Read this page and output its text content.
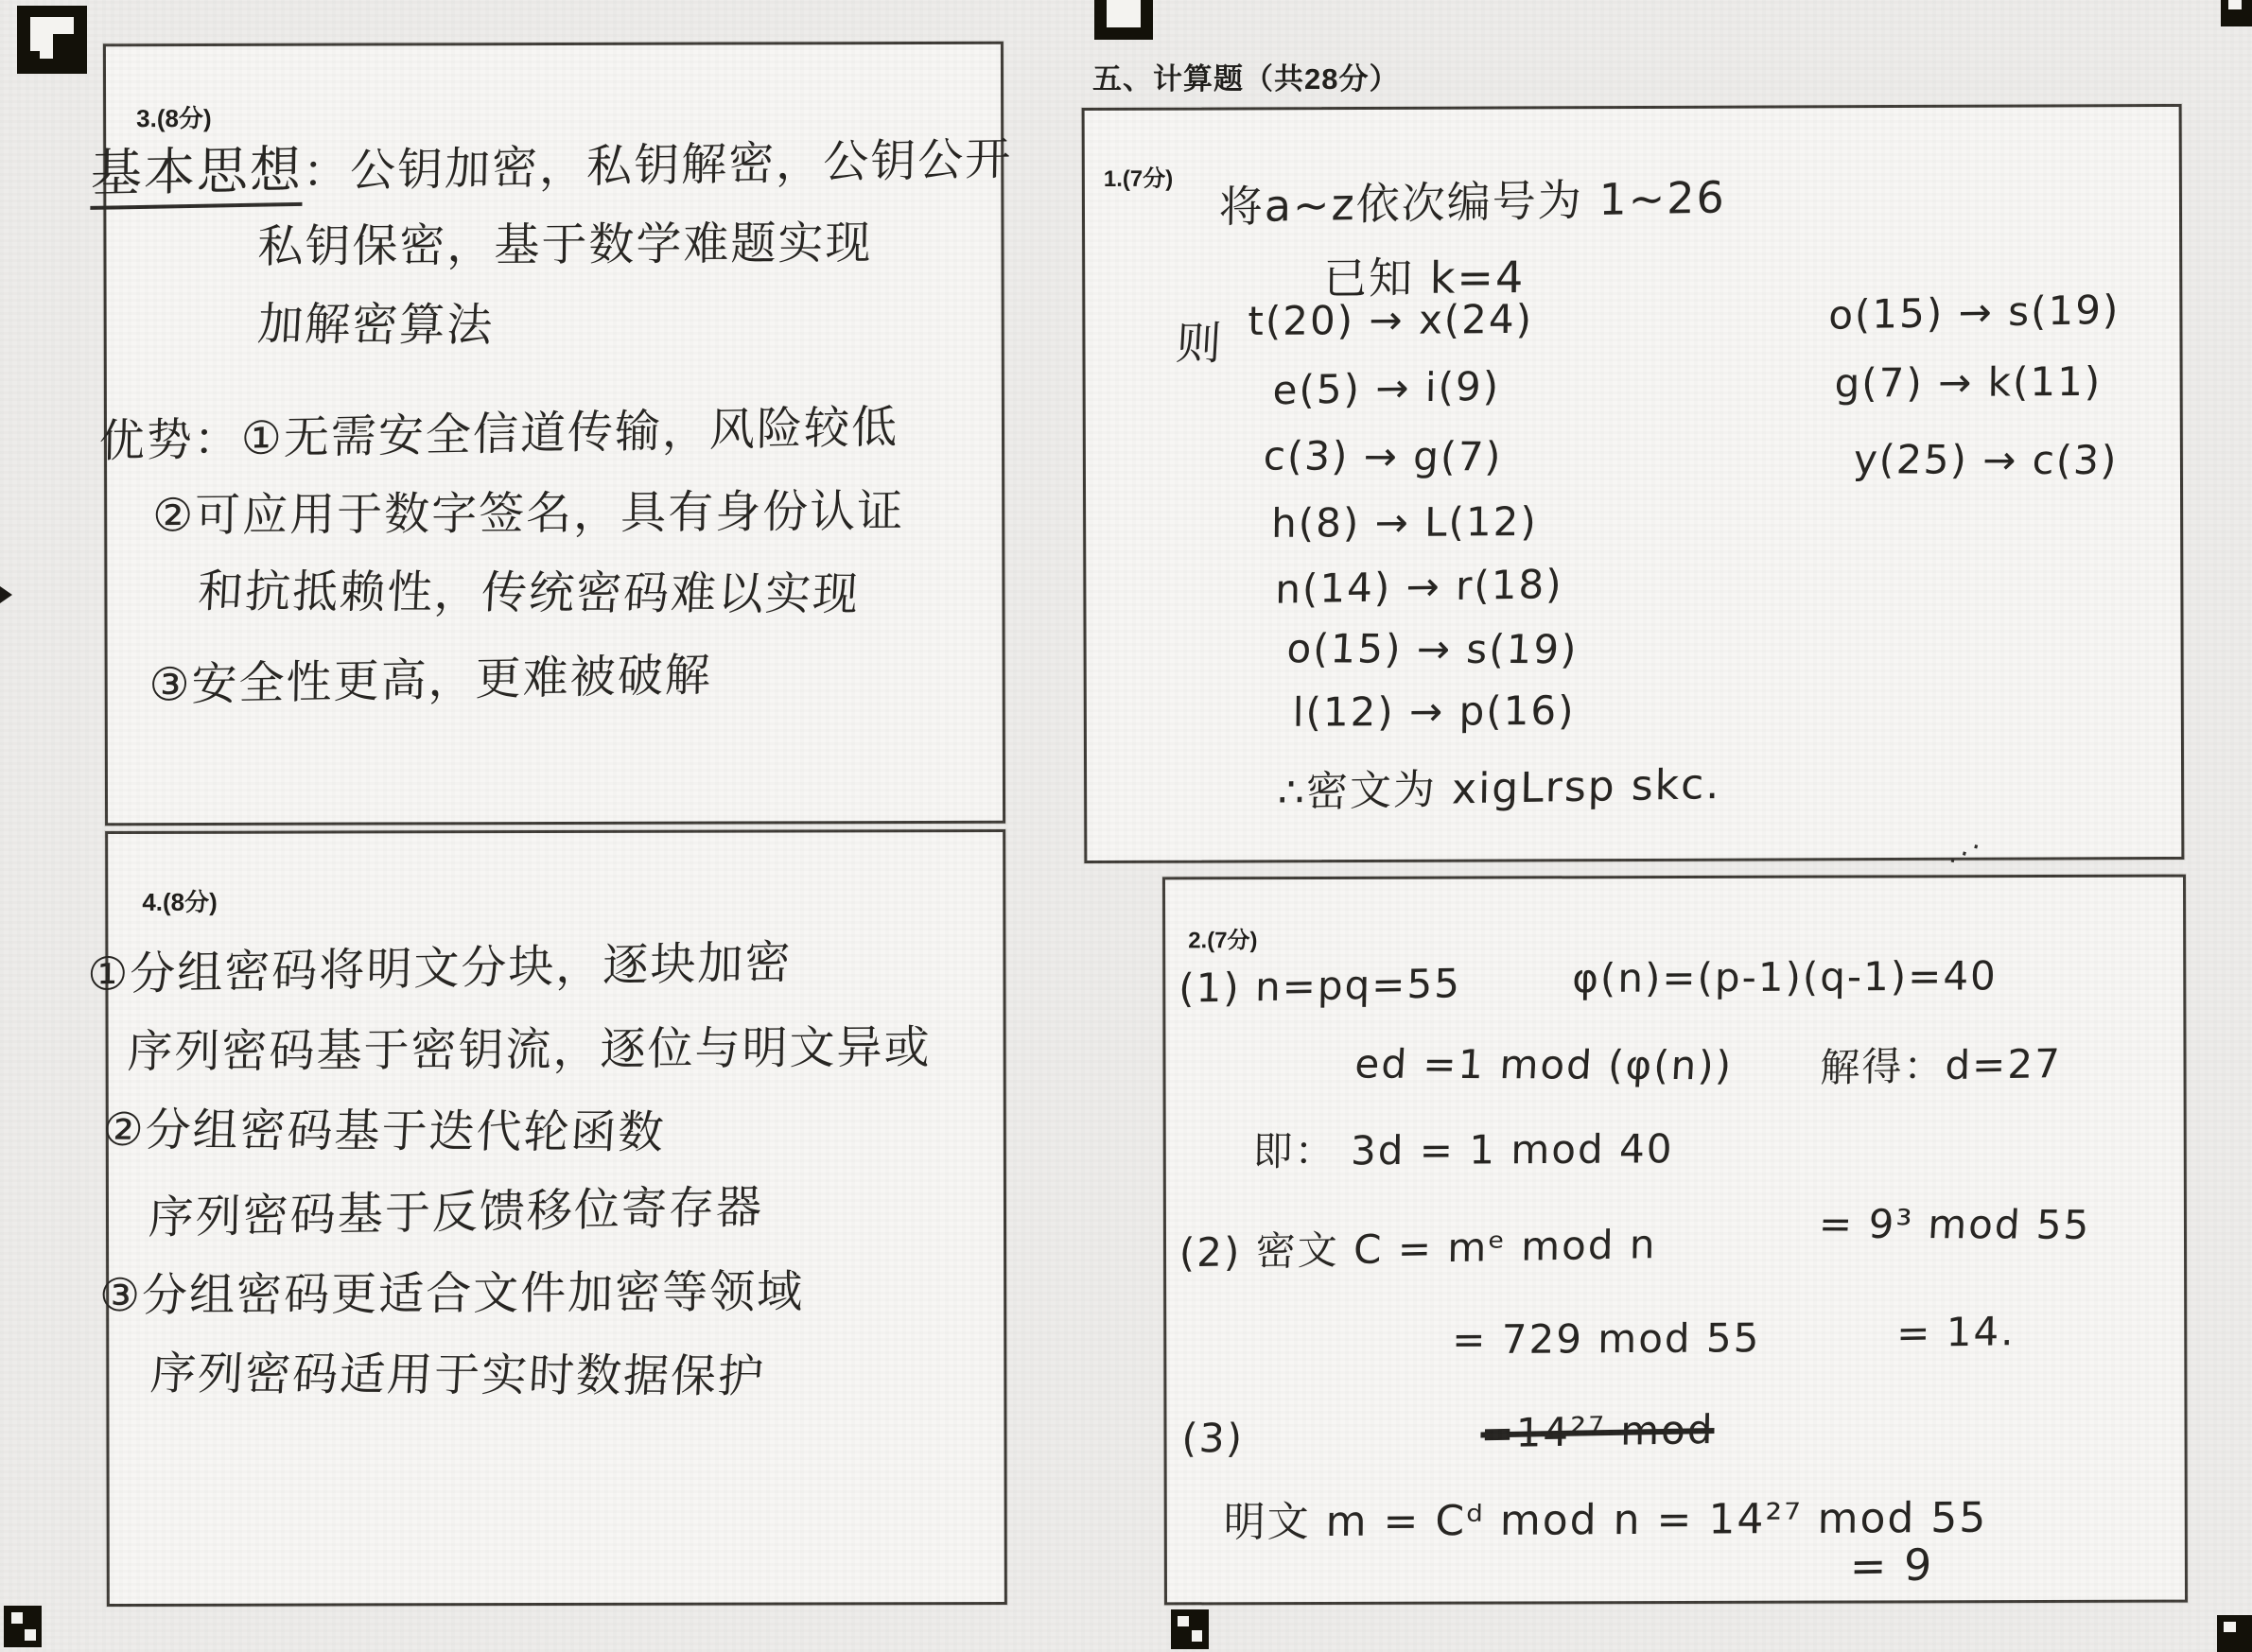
3.(8分)
基本思想：公钥加密，私钥解密，公钥公开
私钥保密，基于数学难题实现
加解密算法
优势：①无需安全信道传输，风险较低
②可应用于数字签名，具有身份认证
和抗抵赖性，传统密码难以实现
③安全性更高，更难被破解
4.(8分)
①分组密码将明文分块，逐块加密
序列密码基于密钥流，逐位与明文异或
②分组密码基于迭代轮函数
序列密码基于反馈移位寄存器
③分组密码更适合文件加密等领域
序列密码适用于实时数据保护
五、计算题（共28分）
1.(7分) 将a~z依次编号为 1~26
已知 k=4
则 t(20) → x(24)
e(5) → i(9)
c(3) → g(7)
h(8) → L(12)
n(14) → r(18)
o(15) → s(19)
l(12) → p(16)
o(15) → s(19)
g(7) → k(11)
y(25) → c(3)
∴密文为 xigLrsp skc.
⋰
2.(7分)
(1) n=pq=55	φ(n)=(p-1)(q-1)=40
ed =1 mod (φ(n)) 解得：d=27
即： 3d = 1 mod 40
(2) 密文 C = mᵉ mod n	= 9³ mod 55
= 729 mod 55	= 14.
(3)	=14²⁷ mod
明文 m = Cᵈ mod n = 14²⁷ mod 55
= 9
